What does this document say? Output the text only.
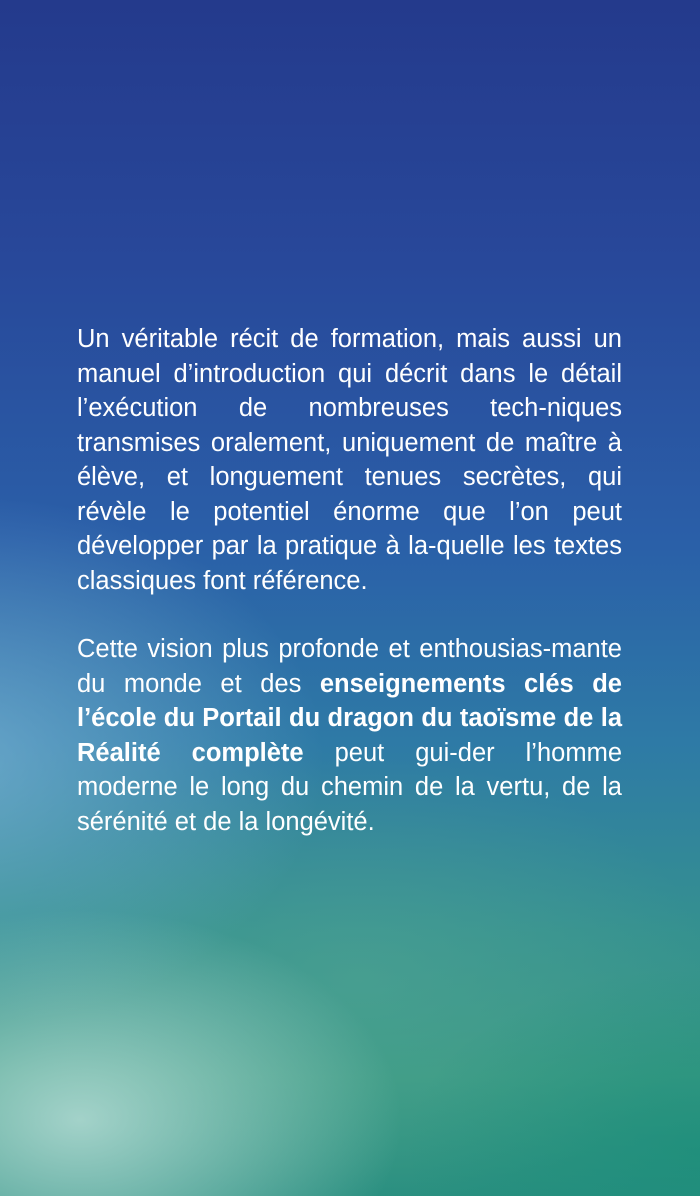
Un véritable récit de formation, mais aussi un manuel d’introduction qui décrit dans le détail l’exécution de nombreuses tech-niques transmises oralement, uniquement de maître à élève, et longuement tenues secrètes, qui révèle le potentiel énorme que l’on peut développer par la pratique à la-quelle les textes classiques font référence.

Cette vision plus profonde et enthousias-mante du monde et des enseignements clés de l’école du Portail du dragon du taoïsme de la Réalité complète peut gui-der l’homme moderne le long du chemin de la vertu, de la sérénité et de la longévité.
